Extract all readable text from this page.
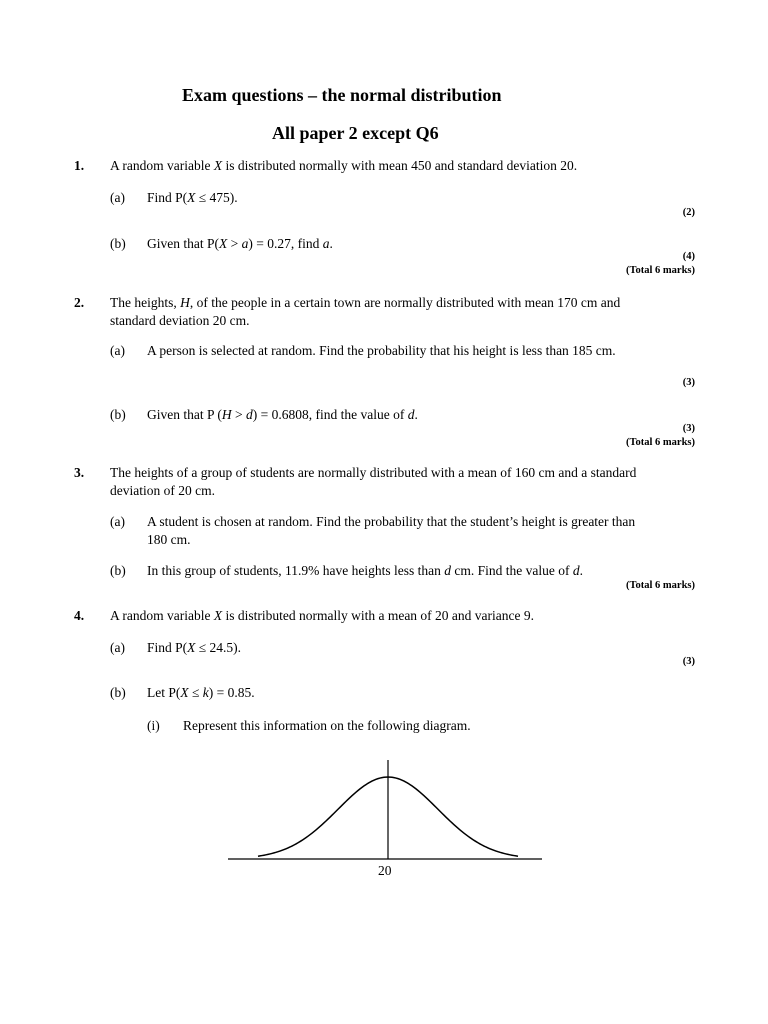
Exam questions – the normal distribution
All paper 2 except Q6
1. A random variable X is distributed normally with mean 450 and standard deviation 20.
(a) Find P(X ≤ 475).
(2)
(b) Given that P(X > a) = 0.27, find a.
(4)
(Total 6 marks)
2. The heights, H, of the people in a certain town are normally distributed with mean 170 cm and standard deviation 20 cm.
(a) A person is selected at random. Find the probability that his height is less than 185 cm.
(3)
(b) Given that P (H > d) = 0.6808, find the value of d.
(3)
(Total 6 marks)
3. The heights of a group of students are normally distributed with a mean of 160 cm and a standard deviation of 20 cm.
(a) A student is chosen at random. Find the probability that the student’s height is greater than 180 cm.
(b) In this group of students, 11.9% have heights less than d cm. Find the value of d.
(Total 6 marks)
4. A random variable X is distributed normally with a mean of 20 and variance 9.
(a) Find P(X ≤ 24.5).
(3)
(b) Let P(X ≤ k) = 0.85.
(i) Represent this information on the following diagram.
20
